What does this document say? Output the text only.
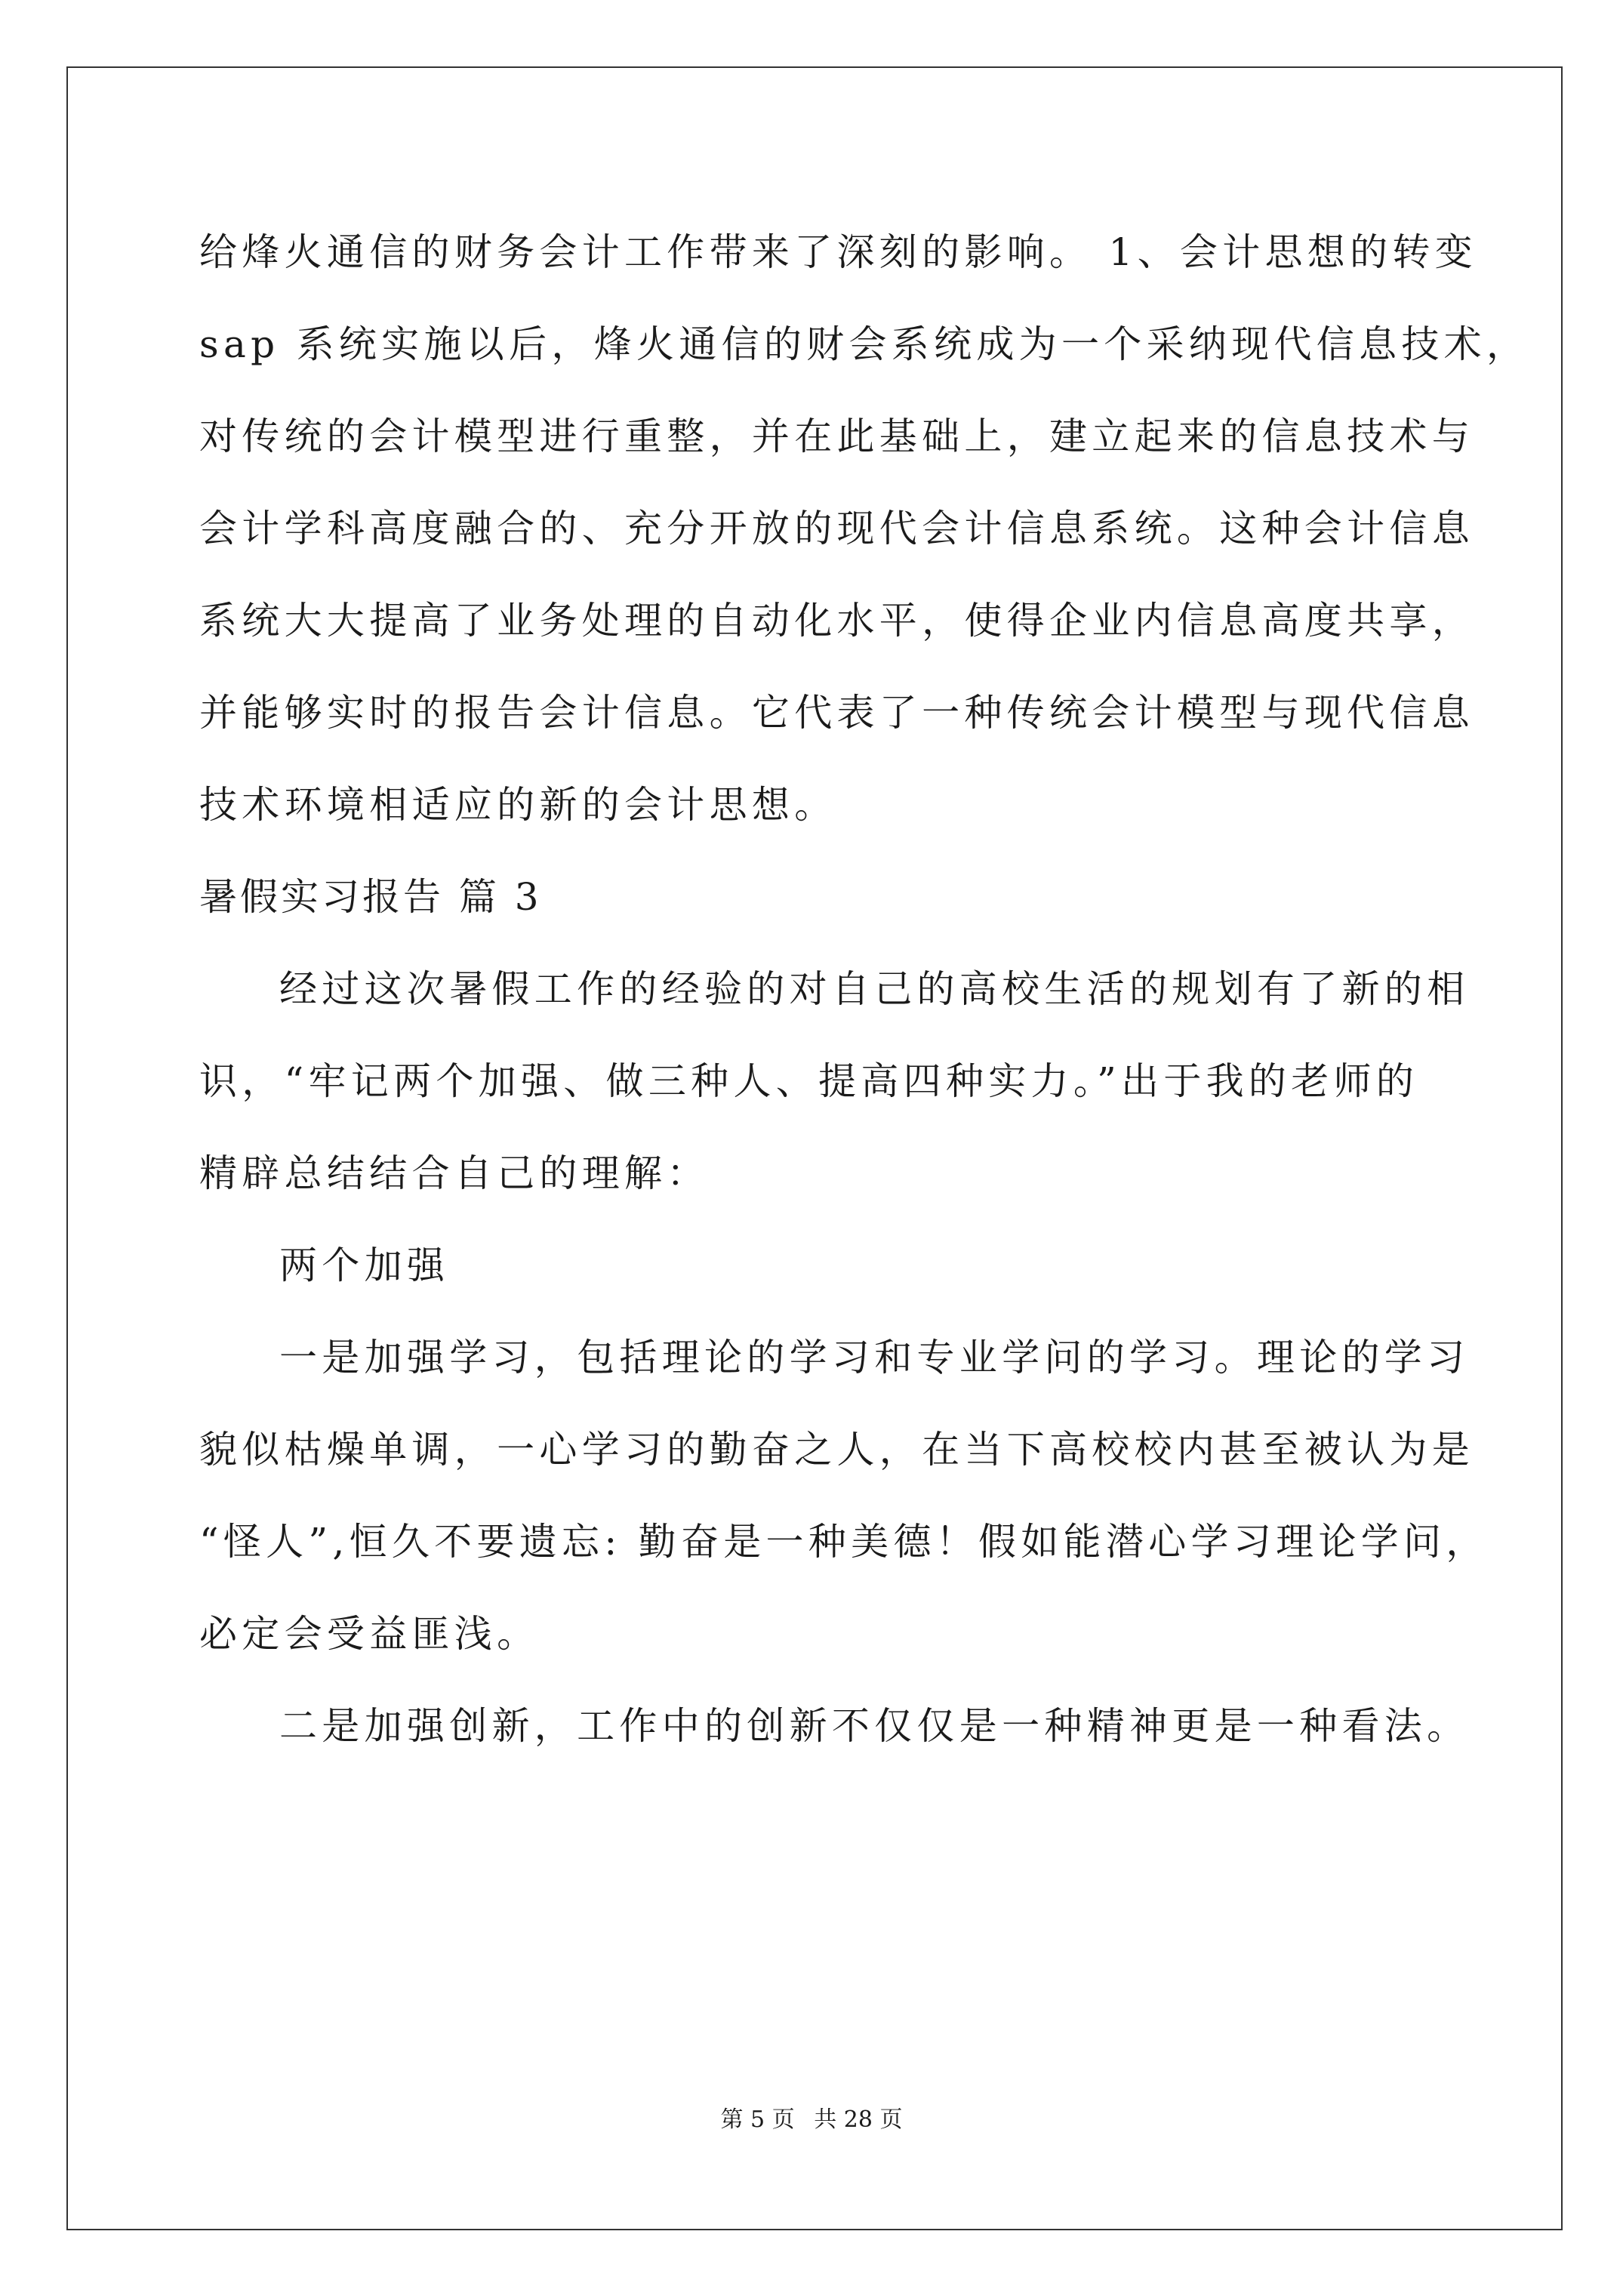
给烽火通信的财务会计工作带来了深刻的影响。 1、会计思想的转变
sap 系统实施以后，烽火通信的财会系统成为一个采纳现代信息技术，
对传统的会计模型进行重整，并在此基础上，建立起来的信息技术与
会计学科高度融合的、充分开放的现代会计信息系统。这种会计信息
系统大大提高了业务处理的自动化水平，使得企业内信息高度共享，
并能够实时的报告会计信息。它代表了一种传统会计模型与现代信息
技术环境相适应的新的会计思想。
暑假实习报告 篇 3
经过这次暑假工作的经验的对自己的高校生活的规划有了新的相
识，“牢记两个加强、做三种人、提高四种实力。”出于我的老师的
精辟总结结合自己的理解：
两个加强
一是加强学习，包括理论的学习和专业学问的学习。理论的学习
貌似枯燥单调，一心学习的勤奋之人，在当下高校校内甚至被认为是
“怪人”,恒久不要遗忘: 勤奋是一种美德！假如能潜心学习理论学问，
必定会受益匪浅。
二是加强创新，工作中的创新不仅仅是一种精神更是一种看法。
第 5 页 共 28 页
